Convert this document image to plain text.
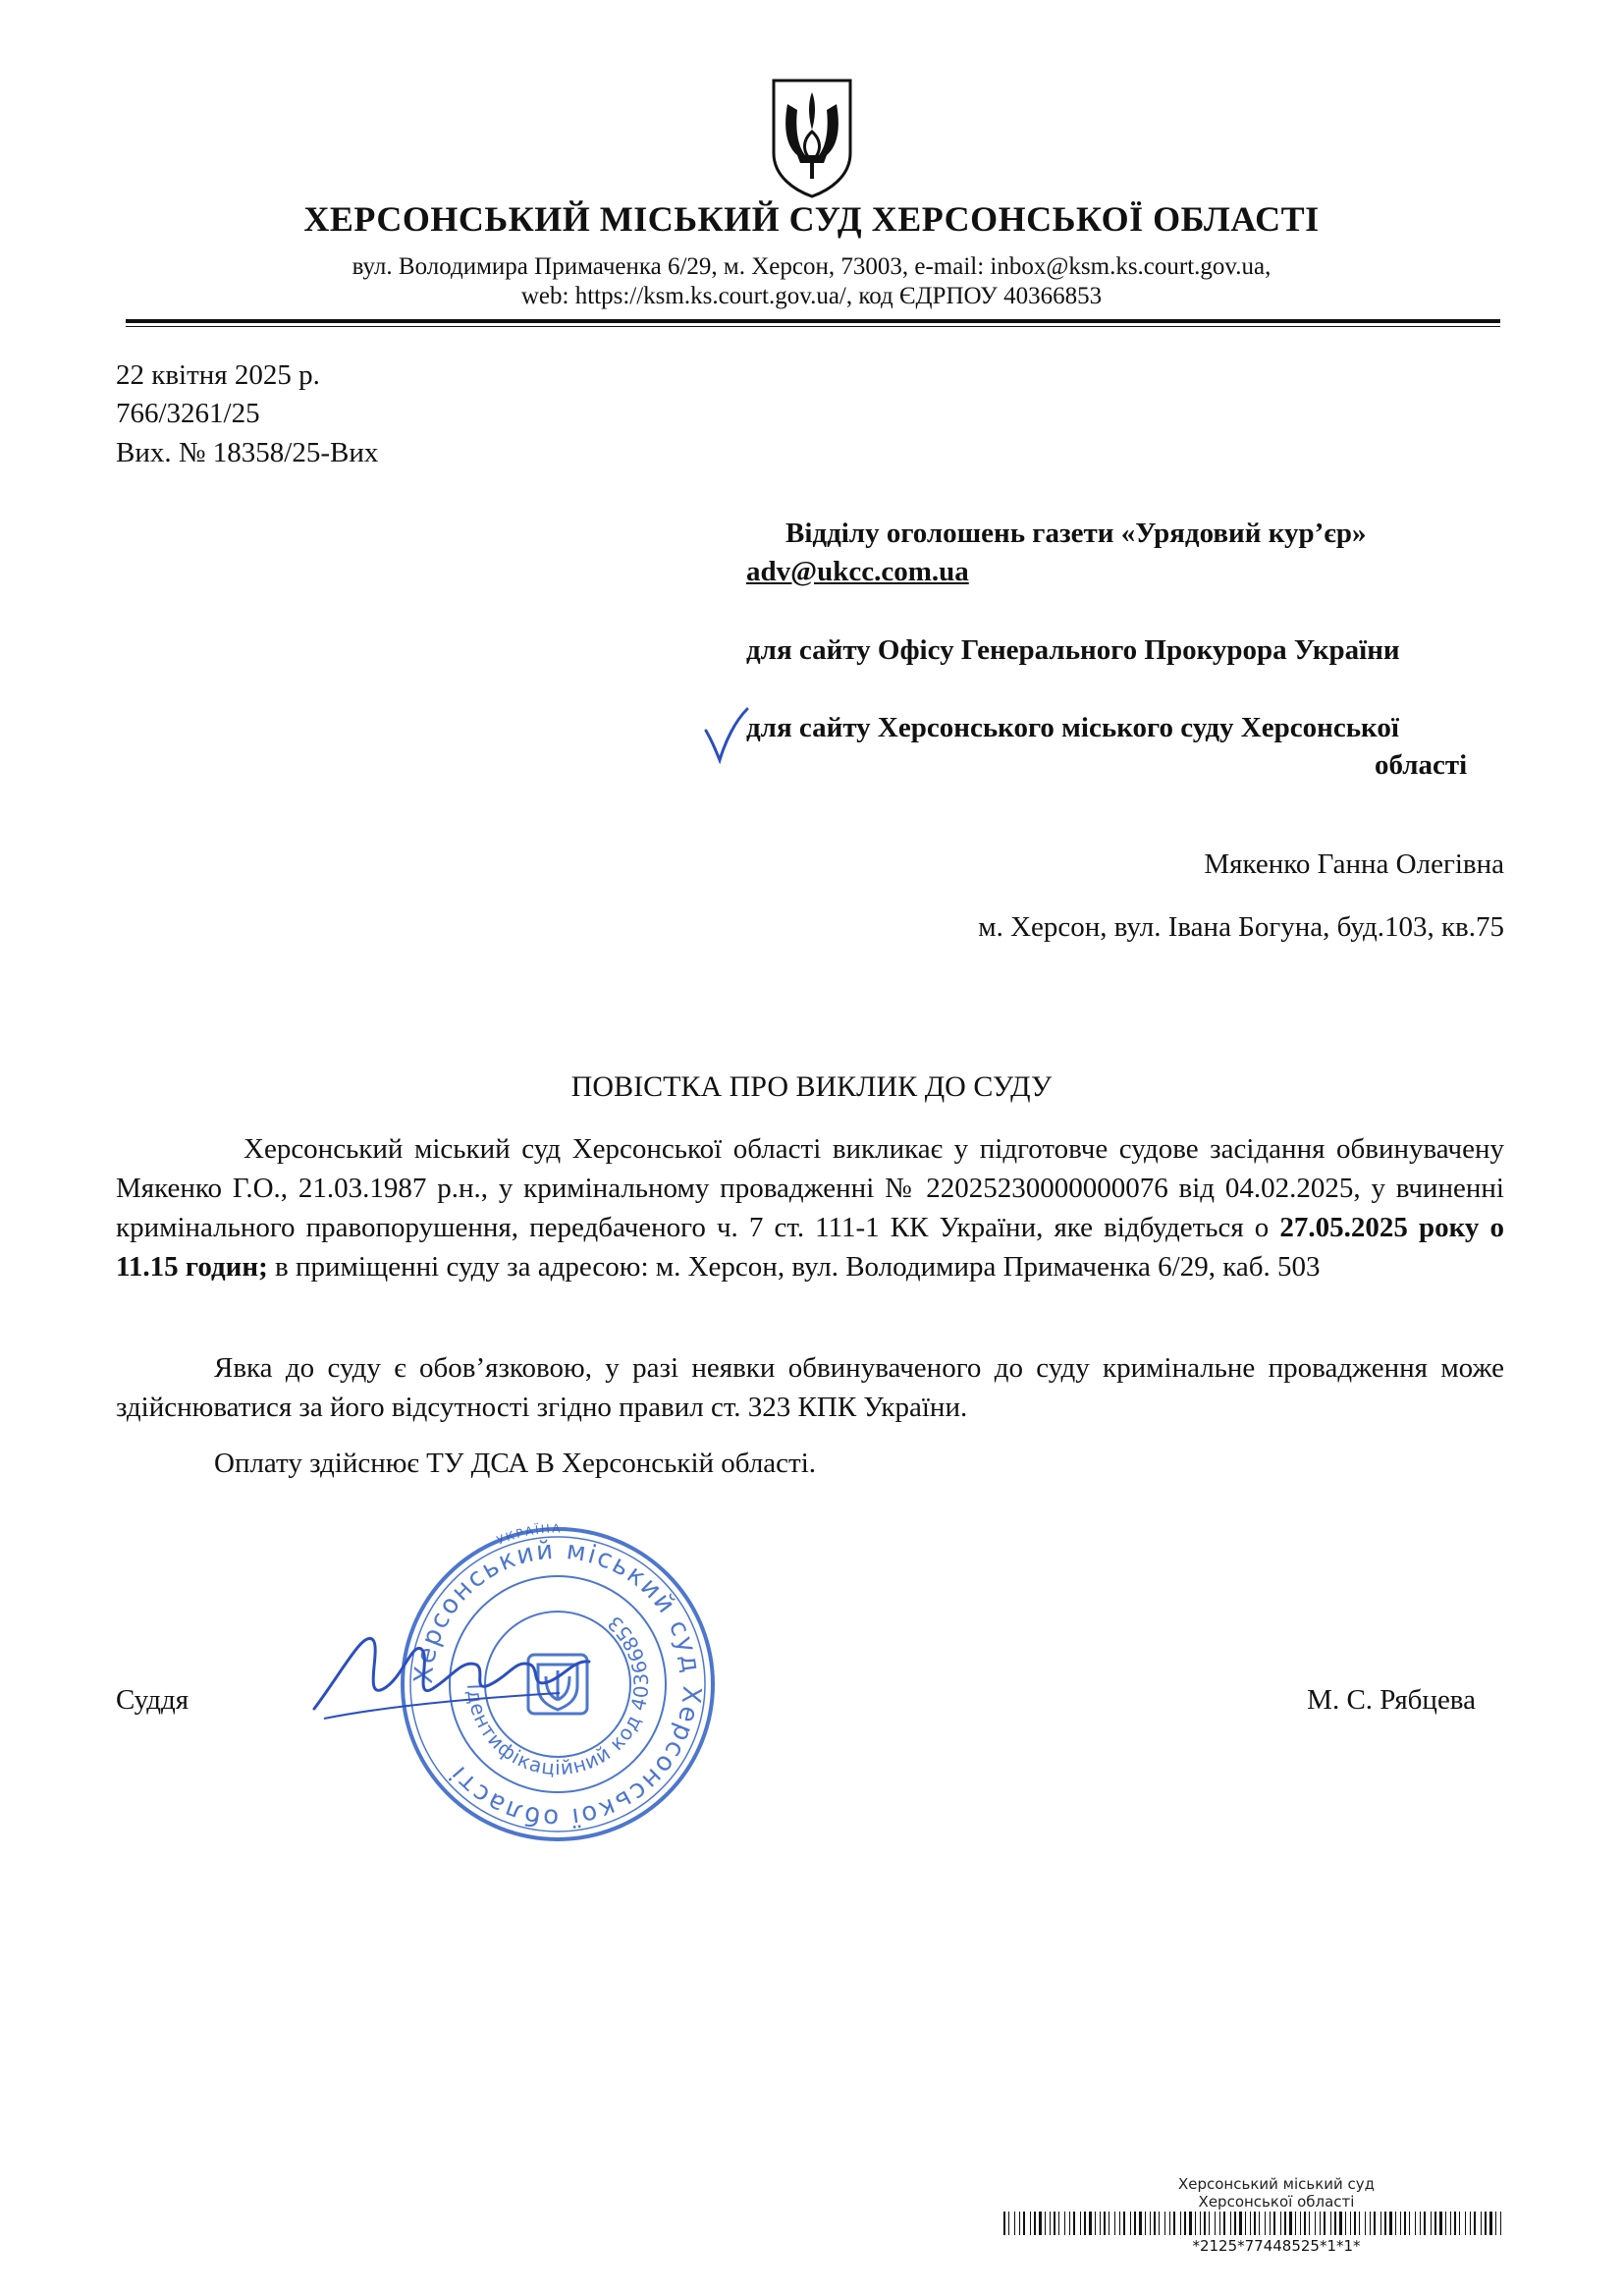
ХЕРСОНСЬКИЙ МІСЬКИЙ СУД ХЕРСОНСЬКОЇ ОБЛАСТІ
вул. Володимира Примаченка 6/29, м. Херсон, 73003, e-mail: inbox@ksm.ks.court.gov.ua,
web: https://ksm.ks.court.gov.ua/, код ЄДРПОУ 40366853
22 квітня 2025 р.
766/3261/25
Вих. № 18358/25-Вих
Відділу оголошень газети «Урядовий кур’єр»
adv@ukcc.com.ua
для сайту Офісу Генерального Прокурора України
для сайту Херсонського міського суду Херсонської
області
Мякенко Ганна Олегівна
м. Херсон, вул. Івана Богуна, буд.103, кв.75
ПОВІСТКА ПРО ВИКЛИК ДО СУДУ
Херсонський міський суд Херсонської області викликає у підготовче судове засідання обвинувачену Мякенко Г.О., 21.03.1987 р.н., у кримінальному провадженні № 22025230000000076 від 04.02.2025, у вчиненні кримінального правопорушення, передбаченого ч. 7 ст. 111-1 КК України, яке відбудеться о 27.05.2025 року о 11.15 годин; в приміщенні суду за адресою: м. Херсон, вул. Володимира Примаченка 6/29, каб. 503
Явка до суду є обов’язковою, у разі неявки обвинуваченого до суду кримінальне провадження може здійснюватися за його відсутності згідно правил ст. 323 КПК України.
Оплату здійснює ТУ ДСА В Херсонській області.
Суддя
Херсонський міський суд Херсонської області
Ідентифікаційний код 40366853
УКРАЇНА
М. С. Рябцева
Херсонський міський суд
Херсонської області
*2125*77448525*1*1*
